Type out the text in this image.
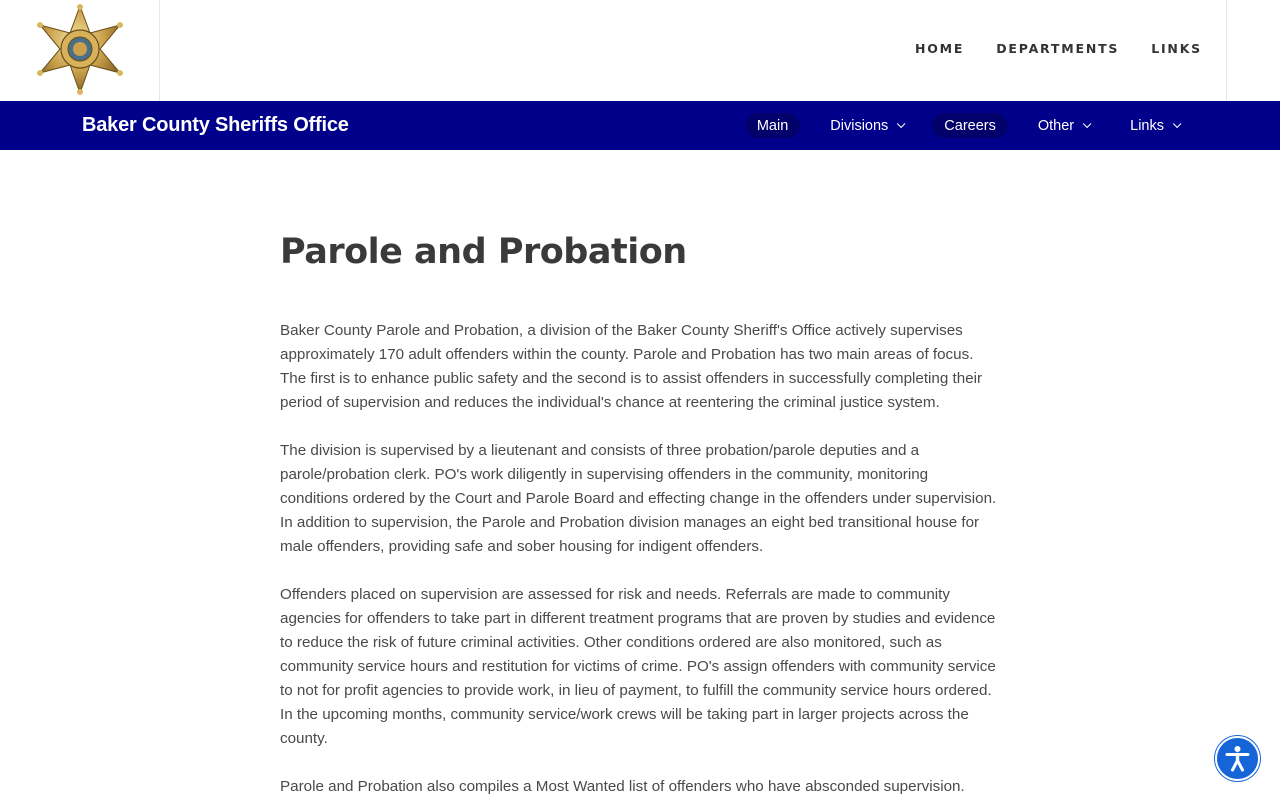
HOME	DEPARTMENTS	LINKS
Baker County Sheriffs Office	Main	Divisions	Careers	Other	Links
Parole and Probation

Baker County Parole and Probation, a division of the Baker County Sheriff's Office actively supervises approximately 170 adult offenders within the county. Parole and Probation has two main areas of focus. The first is to enhance public safety and the second is to assist offenders in successfully completing their period of supervision and reduces the individual's chance at reentering the criminal justice system.

The division is supervised by a lieutenant and consists of three probation/parole deputies and a parole/probation clerk. PO's work diligently in supervising offenders in the community, monitoring conditions ordered by the Court and Parole Board and effecting change in the offenders under supervision. In addition to supervision, the Parole and Probation division manages an eight bed transitional house for male offenders, providing safe and sober housing for indigent offenders.

Offenders placed on supervision are assessed for risk and needs. Referrals are made to community agencies for offenders to take part in different treatment programs that are proven by studies and evidence to reduce the risk of future criminal activities. Other conditions ordered are also monitored, such as community service hours and restitution for victims of crime. PO's assign offenders with community service to not for profit agencies to provide work, in lieu of payment, to fulfill the community service hours ordered. In the upcoming months, community service/work crews will be taking part in larger projects across the county.

Parole and Probation also compiles a Most Wanted list of offenders who have absconded supervision.
